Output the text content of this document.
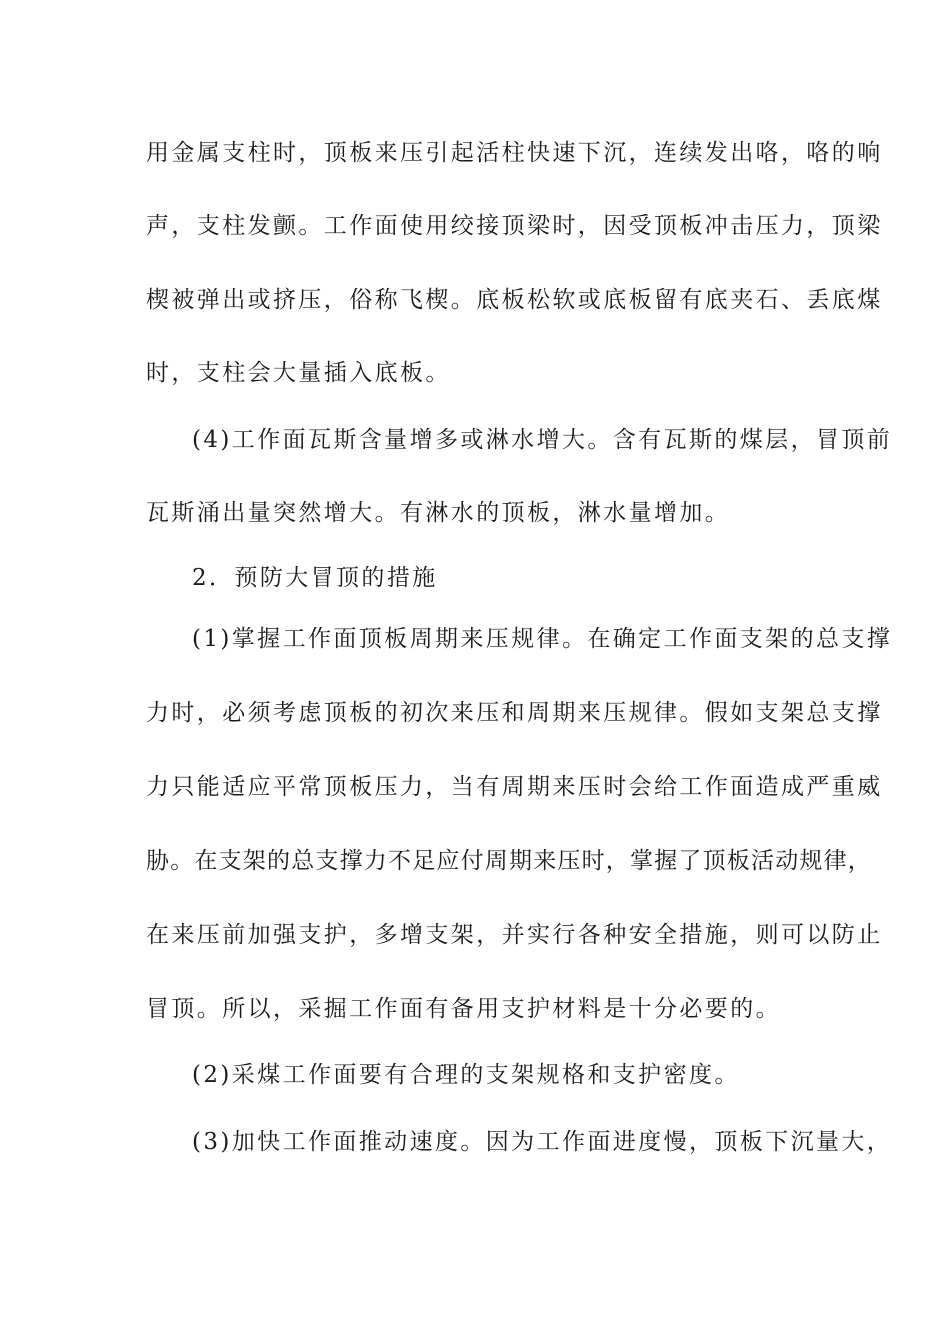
用金属支柱时，顶板来压引起活柱快速下沉，连续发出咯，咯的响
声，支柱发颤。工作面使用绞接顶梁时，因受顶板冲击压力，顶梁
楔被弹出或挤压，俗称飞楔。底板松软或底板留有底夹石、丢底煤
时，支柱会大量插入底板。
(4)工作面瓦斯含量增多或淋水增大。含有瓦斯的煤层，冒顶前
瓦斯涌出量突然增大。有淋水的顶板，淋水量增加。
2．预防大冒顶的措施
(1)掌握工作面顶板周期来压规律。在确定工作面支架的总支撑
力时，必须考虑顶板的初次来压和周期来压规律。假如支架总支撑
力只能适应平常顶板压力，当有周期来压时会给工作面造成严重威
胁。在支架的总支撑力不足应付周期来压时，掌握了顶板活动规律，
在来压前加强支护，多增支架，并实行各种安全措施，则可以防止
冒顶。所以，采掘工作面有备用支护材料是十分必要的。
(2)采煤工作面要有合理的支架规格和支护密度。
(3)加快工作面推动速度。因为工作面进度慢，顶板下沉量大，
